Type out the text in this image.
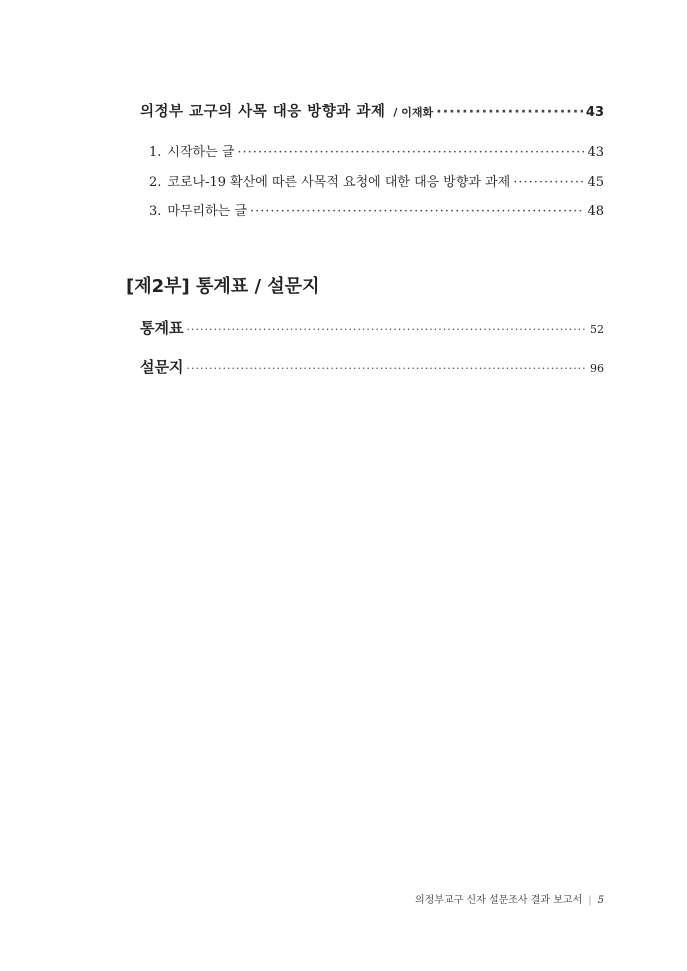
의정부 교구의 사목 대응 방향과 과제 / 이재화 ·····	43
1. 시작하는 글 ·····	43
2. 코로나-19 확산에 따른 사목적 요청에 대한 대응 방향과 과제 ·····	45
3. 마무리하는 글 ·····	48
[제2부] 통계표 / 설문지
통계표 ·····	52
설문지 ·····	96
의정부교구 신자 설문조사 결과 보고서 | 5
